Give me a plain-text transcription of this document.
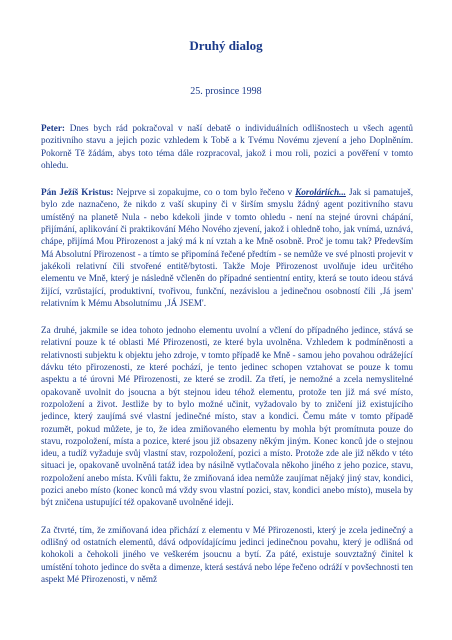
Druhý dialog
25. prosince 1998

Peter: Dnes bych rád pokračoval v naší debatě o individuálních odlišnostech u všech agentů pozitivního stavu a jejich pozic vzhledem k Tobě a k Tvému Novému zjevení a jeho Doplněním. Pokorně Tě žádám, abys toto téma dále rozpracoval, jakož i mou roli, pozici a pověření v tomto ohledu.

Pán Ježíš Kristus: Nejprve si zopakujme, co o tom bylo řečeno v Koroláriích... Jak si pamatuješ, bylo zde naznačeno, že nikdo z vaší skupiny či v širším smyslu žádný agent pozitivního stavu umístěný na planetě Nula - nebo kdekoli jinde v tomto ohledu - není na stejné úrovni chápání, přijímání, aplikování či praktikování Mého Nového zjevení, jakož i ohledně toho, jak vnímá, uznává, chápe, přijímá Mou Přirozenost a jaký má k ní vztah a ke Mně osobně. Proč je tomu tak? Především Má Absolutní Přirozenost - a tímto se připomíná řečené předtím - se nemůže ve své plnosti projevit v jakékoli relativní čili stvořené entitě/bytosti. Takže Moje Přirozenost uvolňuje ideu určitého elementu ve Mně, který je následně včleněn do případné sentientní entity, která se touto ideou stává žijící, vzrůstající, produktivní, tvořivou, funkční, nezávislou a jedinečnou osobností čili ‚Já jsem' relativním k Mému Absolutnímu ‚JÁ JSEM'.

Za druhé, jakmile se idea tohoto jednoho elementu uvolní a včlení do případného jedince, stává se relativní pouze k té oblasti Mé Přirozenosti, ze které byla uvolněna. Vzhledem k podmíněnosti a relativnosti subjektu k objektu jeho zdroje, v tomto případě ke Mně - samou jeho povahou odrážející dávku této přirozenosti, ze které pochází, je tento jedinec schopen vztahovat se pouze k tomu aspektu a té úrovni Mé Přirozenosti, ze které se zrodil. Za třetí, je nemožné a zcela nemyslitelné opakovaně uvolnit do jsoucna a být stejnou ideu téhož elementu, protože ten již má své místo, rozpoložení a život. Jestliže by to bylo možné učinit, vyžadovalo by to zničení již existujícího jedince, který zaujímá své vlastní jedinečné místo, stav a kondici. Čemu máte v tomto případě rozumět, pokud můžete, je to, že idea zmiňovaného elementu by mohla být promítnuta pouze do stavu, rozpoložení, místa a pozice, které jsou již obsazeny někým jiným. Konec konců jde o stejnou ideu, a tudíž vyžaduje svůj vlastní stav, rozpoložení, pozici a místo. Protože zde ale již někdo v této situaci je, opakovaně uvolněná tatáž idea by násilně vytlačovala někoho jiného z jeho pozice, stavu, rozpoložení anebo místa. Kvůli faktu, že zmiňovaná idea nemůže zaujímat nějaký jiný stav, kondici, pozici anebo místo (konec konců má vždy svou vlastní pozici, stav, kondici anebo místo), musela by být zničena ustupující též opakovaně uvolněné ideji.

Za čtvrté, tím, že zmiňovaná idea přichází z elementu v Mé Přirozenosti, který je zcela jedinečný a odlišný od ostatních elementů, dává odpovídajícímu jedinci jedinečnou povahu, který je odlišná od kohokoli a čehokoli jiného ve veškerém jsoucnu a bytí. Za páté, existuje souvztažný činitel k umístění tohoto jedince do světa a dimenze, která sestává nebo lépe řečeno odráží v povšechnosti ten aspekt Mé Přirozenosti, v němž
